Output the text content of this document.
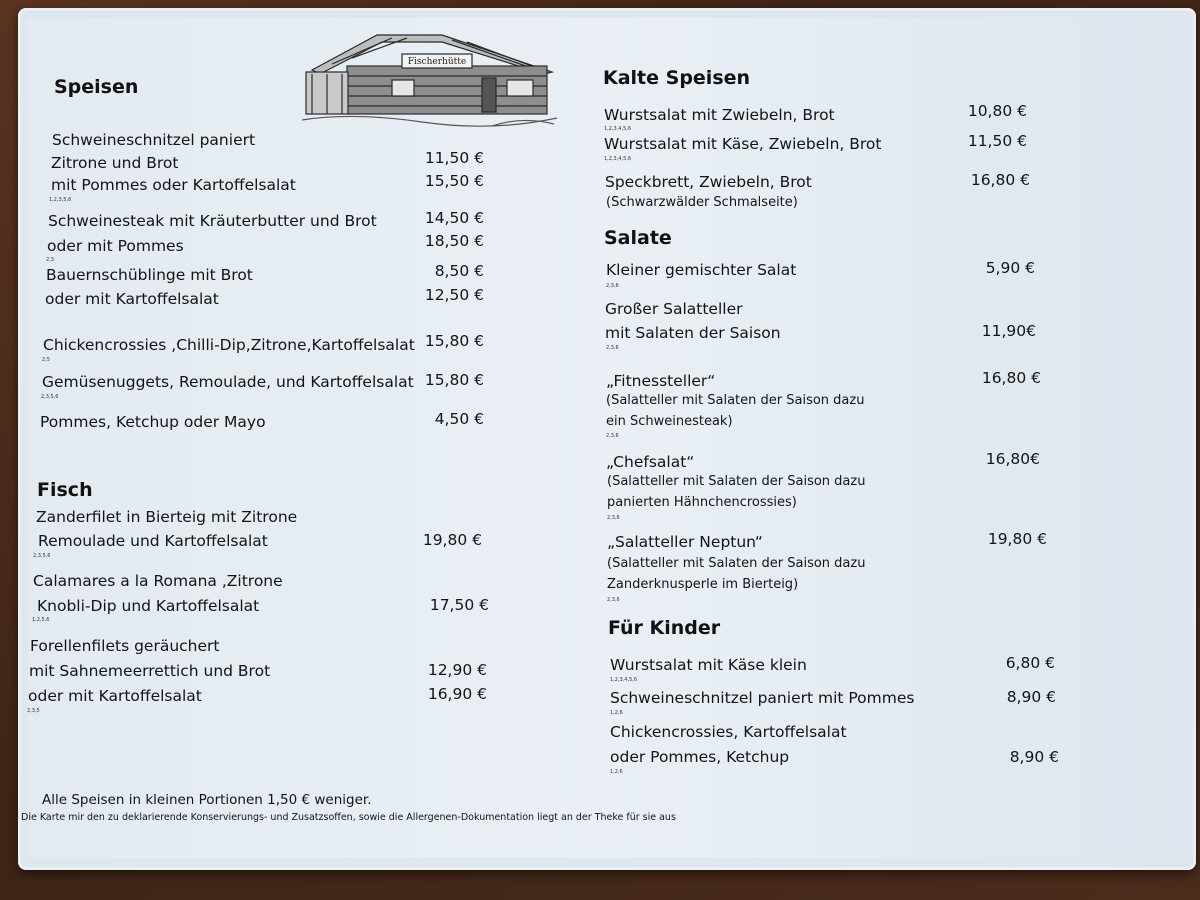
Fischerhütte
Speisen
Schweineschnitzel paniert
Zitrone und Brot	11,50 €
mit Pommes oder Kartoffelsalat	15,50 €
1,2,3,5,6
Schweinesteak mit Kräuterbutter und Brot	14,50 €
oder mit Pommes	18,50 €
2,3
Bauernschüblinge mit Brot	8,50 €
oder mit Kartoffelsalat	12,50 €
Chickencrossies ,Chilli-Dip,Zitrone,Kartoffelsalat 15,80 €
2,5
Gemüsenuggets, Remoulade, und Kartoffelsalat 15,80 €
2,3,5,6
Pommes, Ketchup oder Mayo	4,50 €
Fisch
Zanderfilet in Bierteig mit Zitrone
Remoulade und Kartoffelsalat	19,80 €
2,3,5,6
Calamares a la Romana ,Zitrone
Knobli-Dip und Kartoffelsalat	17,50 €
1,2,5,6
Forellenfilets geräuchert
mit Sahnemeerrettich und Brot	12,90 €
oder mit Kartoffelsalat	16,90 €
2,3,5
Kalte Speisen
Wurstsalat mit Zwiebeln, Brot	10,80 €
1,2,3,4,5,6
Wurstsalat mit Käse, Zwiebeln, Brot	11,50 €
1,2,3,4,5,6
Speckbrett, Zwiebeln, Brot	16,80 €
(Schwarzwälder Schmalseite)
Salate
Kleiner gemischter Salat	5,90 €
2,3,6
Großer Salatteller
mit Salaten der Saison	11,90€
2,3,6
„Fitnessteller“	16,80 €
(Salatteller mit Salaten der Saison dazu
ein Schweinesteak)
2,3,6
„Chefsalat“	16,80€
(Salatteller mit Salaten der Saison dazu
panierten Hähnchencrossies)
2,3,6
„Salatteller Neptun“	19,80 €
(Salatteller mit Salaten der Saison dazu
Zanderknusperle im Bierteig)
2,3,6
Für Kinder
Wurstsalat mit Käse klein	6,80 €
1,2,3,4,5,6
Schweineschnitzel paniert mit Pommes	8,90 €
1,2,6
Chickencrossies, Kartoffelsalat
oder Pommes, Ketchup	8,90 €
1,2,6
Alle Speisen in kleinen Portionen 1,50 € weniger.
Die Karte mir den zu deklarierende Konservierungs- und Zusatzsoffen, sowie die Allergenen-Dokumentation liegt an der Theke für sie aus
